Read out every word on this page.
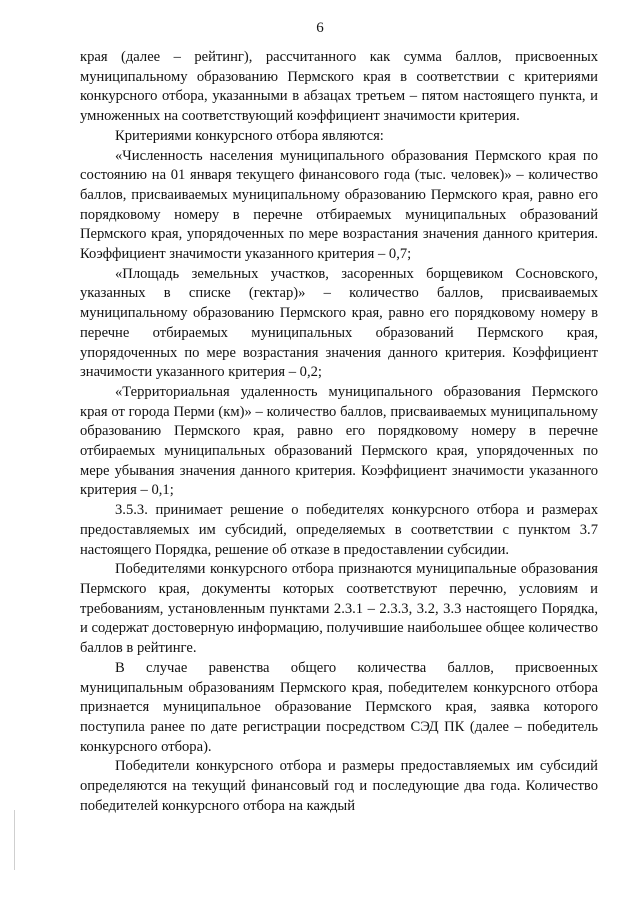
6

края (далее – рейтинг), рассчитанного как сумма баллов, присвоенных муниципальному образованию Пермского края в соответствии с критериями конкурсного отбора, указанными в абзацах третьем – пятом настоящего пункта, и умноженных на соответствующий коэффициент значимости критерия.

Критериями конкурсного отбора являются:

«Численность населения муниципального образования Пермского края по состоянию на 01 января текущего финансового года (тыс. человек)» – количество баллов, присваиваемых муниципальному образованию Пермского края, равно его порядковому номеру в перечне отбираемых муниципальных образований Пермского края, упорядоченных по мере возрастания значения данного критерия. Коэффициент значимости указанного критерия – 0,7;

«Площадь земельных участков, засоренных борщевиком Сосновского, указанных в списке (гектар)» – количество баллов, присваиваемых муниципальному образованию Пермского края, равно его порядковому номеру в перечне отбираемых муниципальных образований Пермского края, упорядоченных по мере возрастания значения данного критерия. Коэффициент значимости указанного критерия – 0,2;

«Территориальная удаленность муниципального образования Пермского края от города Перми (км)» – количество баллов, присваиваемых муниципальному образованию Пермского края, равно его порядковому номеру в перечне отбираемых муниципальных образований Пермского края, упорядоченных по мере убывания значения данного критерия. Коэффициент значимости указанного критерия – 0,1;

3.5.3. принимает решение о победителях конкурсного отбора и размерах предоставляемых им субсидий, определяемых в соответствии с пунктом 3.7 настоящего Порядка, решение об отказе в предоставлении субсидии.

Победителями конкурсного отбора признаются муниципальные образования Пермского края, документы которых соответствуют перечню, условиям и требованиям, установленным пунктами 2.3.1 – 2.3.3, 3.2, 3.3 настоящего Порядка, и содержат достоверную информацию, получившие наибольшее общее количество баллов в рейтинге.

В случае равенства общего количества баллов, присвоенных муниципальным образованиям Пермского края, победителем конкурсного отбора признается муниципальное образование Пермского края, заявка которого поступила ранее по дате регистрации посредством СЭД ПК (далее – победитель конкурсного отбора).

Победители конкурсного отбора и размеры предоставляемых им субсидий определяются на текущий финансовый год и последующие два года. Количество победителей конкурсного отбора на каждый
